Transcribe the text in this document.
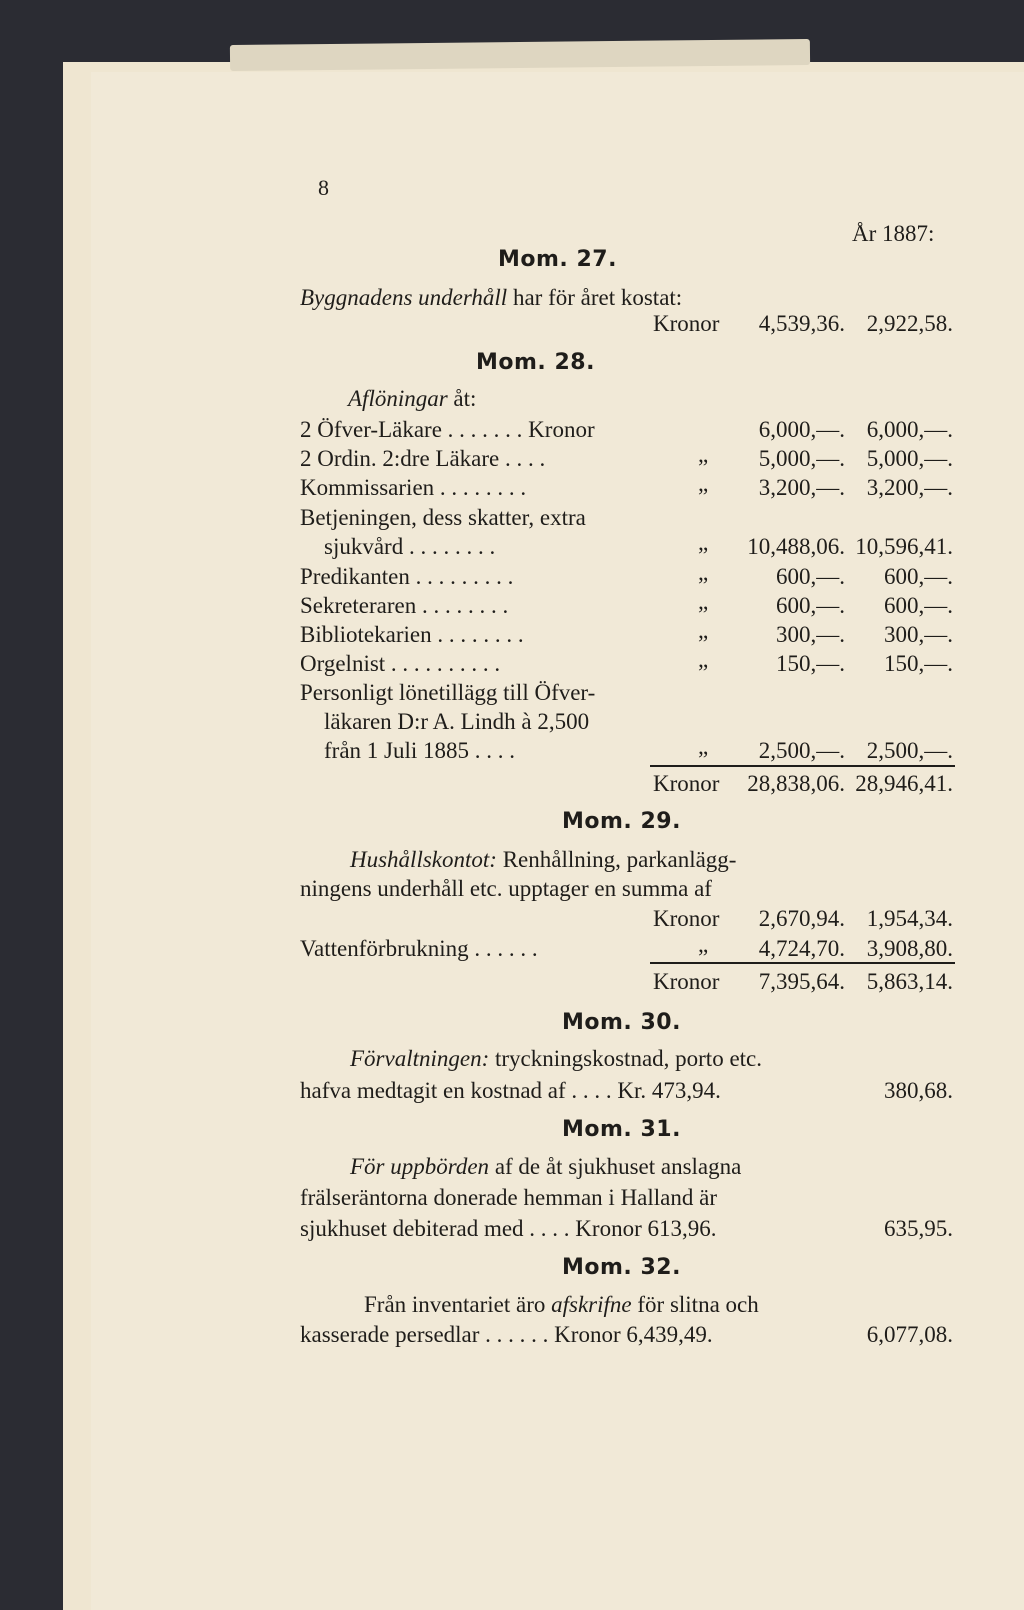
8
År 1887:
Mom. 27.
Byggnadens underhåll har för året kostat:
Kronor	4,539,36. 2,922,58.
Mom. 28.
Aflöningar åt:
2 Öfver-Läkare . . . . . . . Kronor	6,000,—. 6,000,—.
2 Ordin. 2:dre Läkare . . . .	„	5,000,—. 5,000,—.
Kommissarien . . . . . . . .	„	3,200,—. 3,200,—.
Betjeningen, dess skatter, extra
sjukvård . . . . . . . .	„	10,488,06. 10,596,41.
Predikanten . . . . . . . . .	„	600,—.	600,—.
Sekreteraren . . . . . . . .	„	600,—.	600,—.
Bibliotekarien . . . . . . . .	„	300,—.	300,—.
Orgelnist . . . . . . . . . .	„	150,—.	150,—.
Personligt lönetillägg till Öfver-
läkaren D:r A. Lindh à 2,500
från 1 Juli 1885 . . . .	„	2,500,—. 2,500,—.
Kronor	28,838,06. 28,946,41.
Mom. 29.
Hushållskontot: Renhållning, parkanlägg-
ningens underhåll etc. upptager en summa af
Kronor	2,670,94. 1,954,34.
Vattenförbrukning . . . . . .	„	4,724,70. 3,908,80.
Kronor	7,395,64. 5,863,14.
Mom. 30.
Förvaltningen: tryckningskostnad, porto etc.
hafva medtagit en kostnad af . . . . Kr. 473,94.	380,68.
Mom. 31.
För uppbörden af de åt sjukhuset anslagna
frälseräntorna donerade hemman i Halland är
sjukhuset debiterad med . . . . Kronor 613,96.	635,95.
Mom. 32.
Från inventariet äro afskrifne för slitna och
kasserade persedlar . . . . . . Kronor 6,439,49.	6,077,08.
